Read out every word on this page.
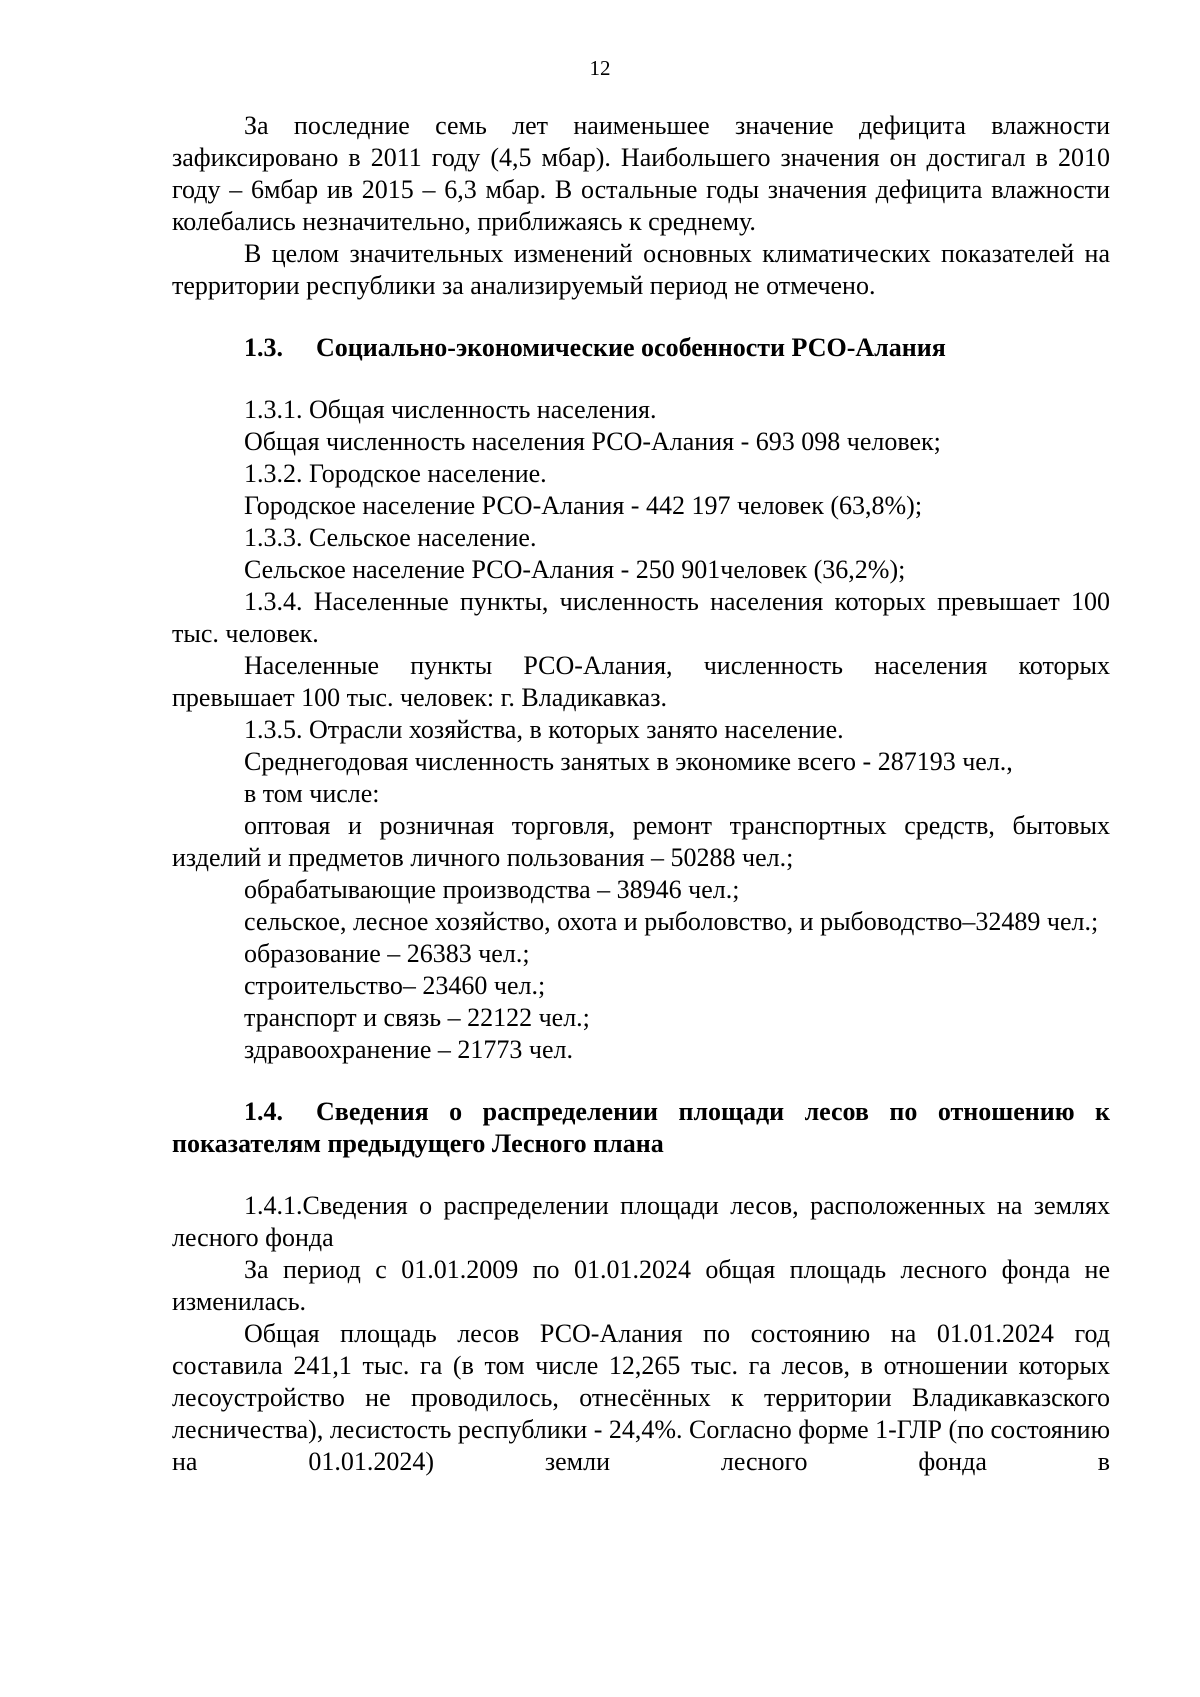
12

За последние семь лет наименьшее значение дефицита влажности зафиксировано в 2011 году (4,5 мбар). Наибольшего значения он достигал в 2010 году – 6мбар ив 2015 – 6,3 мбар. В остальные годы значения дефицита влажности колебались незначительно, приближаясь к среднему.

В целом значительных изменений основных климатических показателей на территории республики за анализируемый период не отмечено.

1.3. Социально-экономические особенности РСО-Алания

1.3.1. Общая численность населения.

Общая численность населения РСО-Алания - 693 098 человек;

1.3.2. Городское население.

Городское население РСО-Алания - 442 197 человек (63,8%);

1.3.3. Сельское население.

Сельское население РСО-Алания - 250 901человек (36,2%);

1.3.4. Населенные пункты, численность населения которых превышает 100 тыс. человек.

Населенные пункты РСО-Алания, численность населения которых превышает 100 тыс. человек: г. Владикавказ.

1.3.5. Отрасли хозяйства, в которых занято население.

Среднегодовая численность занятых в экономике всего - 287193 чел.,

в том числе:

оптовая и розничная торговля, ремонт транспортных средств, бытовых изделий и предметов личного пользования – 50288 чел.;

обрабатывающие производства – 38946 чел.;

сельское, лесное хозяйство, охота и рыболовство, и рыбоводство–32489 чел.;

образование – 26383 чел.;

строительство– 23460 чел.;

транспорт и связь – 22122 чел.;

здравоохранение – 21773 чел.

1.4. Сведения о распределении площади лесов по отношению к показателям предыдущего Лесного плана

1.4.1.Сведения о распределении площади лесов, расположенных на землях лесного фонда

За период с 01.01.2009 по 01.01.2024 общая площадь лесного фонда не изменилась.

Общая площадь лесов РСО-Алания по состоянию на 01.01.2024 год составила 241,1 тыс. га (в том числе 12,265 тыс. га лесов, в отношении которых лесоустройство не проводилось, отнесённых к территории Владикавказского лесничества), лесистость республики - 24,4%. Согласно форме 1-ГЛР (по состоянию на 01.01.2024) земли лесного фонда в
